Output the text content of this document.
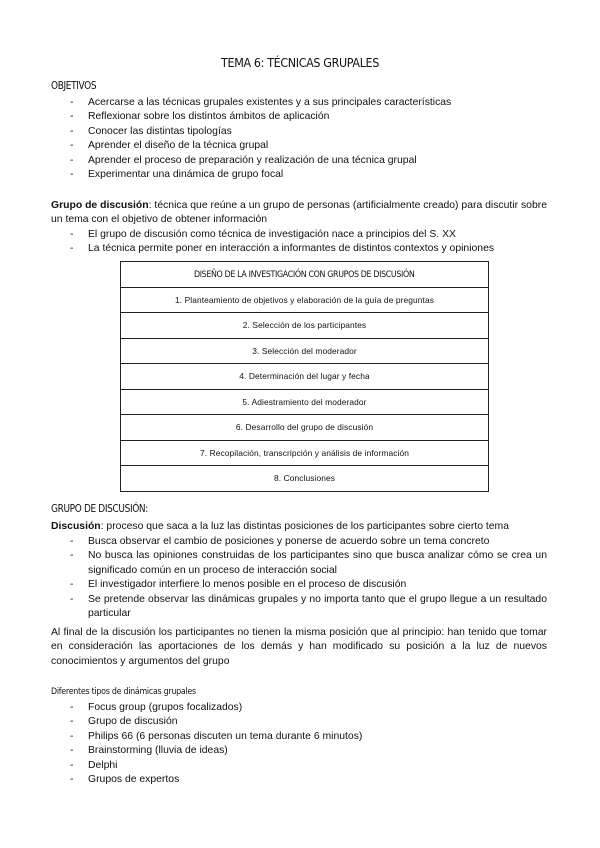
TEMA 6: TÉCNICAS GRUPALES
OBJETIVOS
- Acercarse a las técnicas grupales existentes y a sus principales características
- Reflexionar sobre los distintos ámbitos de aplicación
- Conocer las distintas tipologías
- Aprender el diseño de la técnica grupal
- Aprender el proceso de preparación y realización de una técnica grupal
- Experimentar una dinámica de grupo focal
Grupo de discusión: técnica que reúne a un grupo de personas (artificialmente creado) para discutir sobre un tema con el objetivo de obtener información
- El grupo de discusión como técnica de investigación nace a principios del S. XX
- La técnica permite poner en interacción a informantes de distintos contextos y opiniones
DISEÑO DE LA INVESTIGACIÓN CON GRUPOS DE DISCUSIÓN
1. Planteamiento de objetivos y elaboración de la guía de preguntas
2. Selección de los participantes
3. Selección del moderador
4. Determinación del lugar y fecha
5. Adiestramiento del moderador
6. Desarrollo del grupo de discusión
7. Recopilación, transcripción y análisis de información
8. Conclusiones
GRUPO DE DISCUSIÓN:
Discusión: proceso que saca a la luz las distintas posiciones de los participantes sobre cierto tema
- Busca observar el cambio de posiciones y ponerse de acuerdo sobre un tema concreto
- No busca las opiniones construidas de los participantes sino que busca analizar cómo se crea un significado común en un proceso de interacción social
- El investigador interfiere lo menos posible en el proceso de discusión
- Se pretende observar las dinámicas grupales y no importa tanto que el grupo llegue a un resultado particular
Al final de la discusión los participantes no tienen la misma posición que al principio: han tenido que tomar en consideración las aportaciones de los demás y han modificado su posición a la luz de nuevos conocimientos y argumentos del grupo
Diferentes tipos de dinámicas grupales
- Focus group (grupos focalizados)
- Grupo de discusión
- Philips 66 (6 personas discuten un tema durante 6 minutos)
- Brainstorming (lluvia de ideas)
- Delphi
- Grupos de expertos
